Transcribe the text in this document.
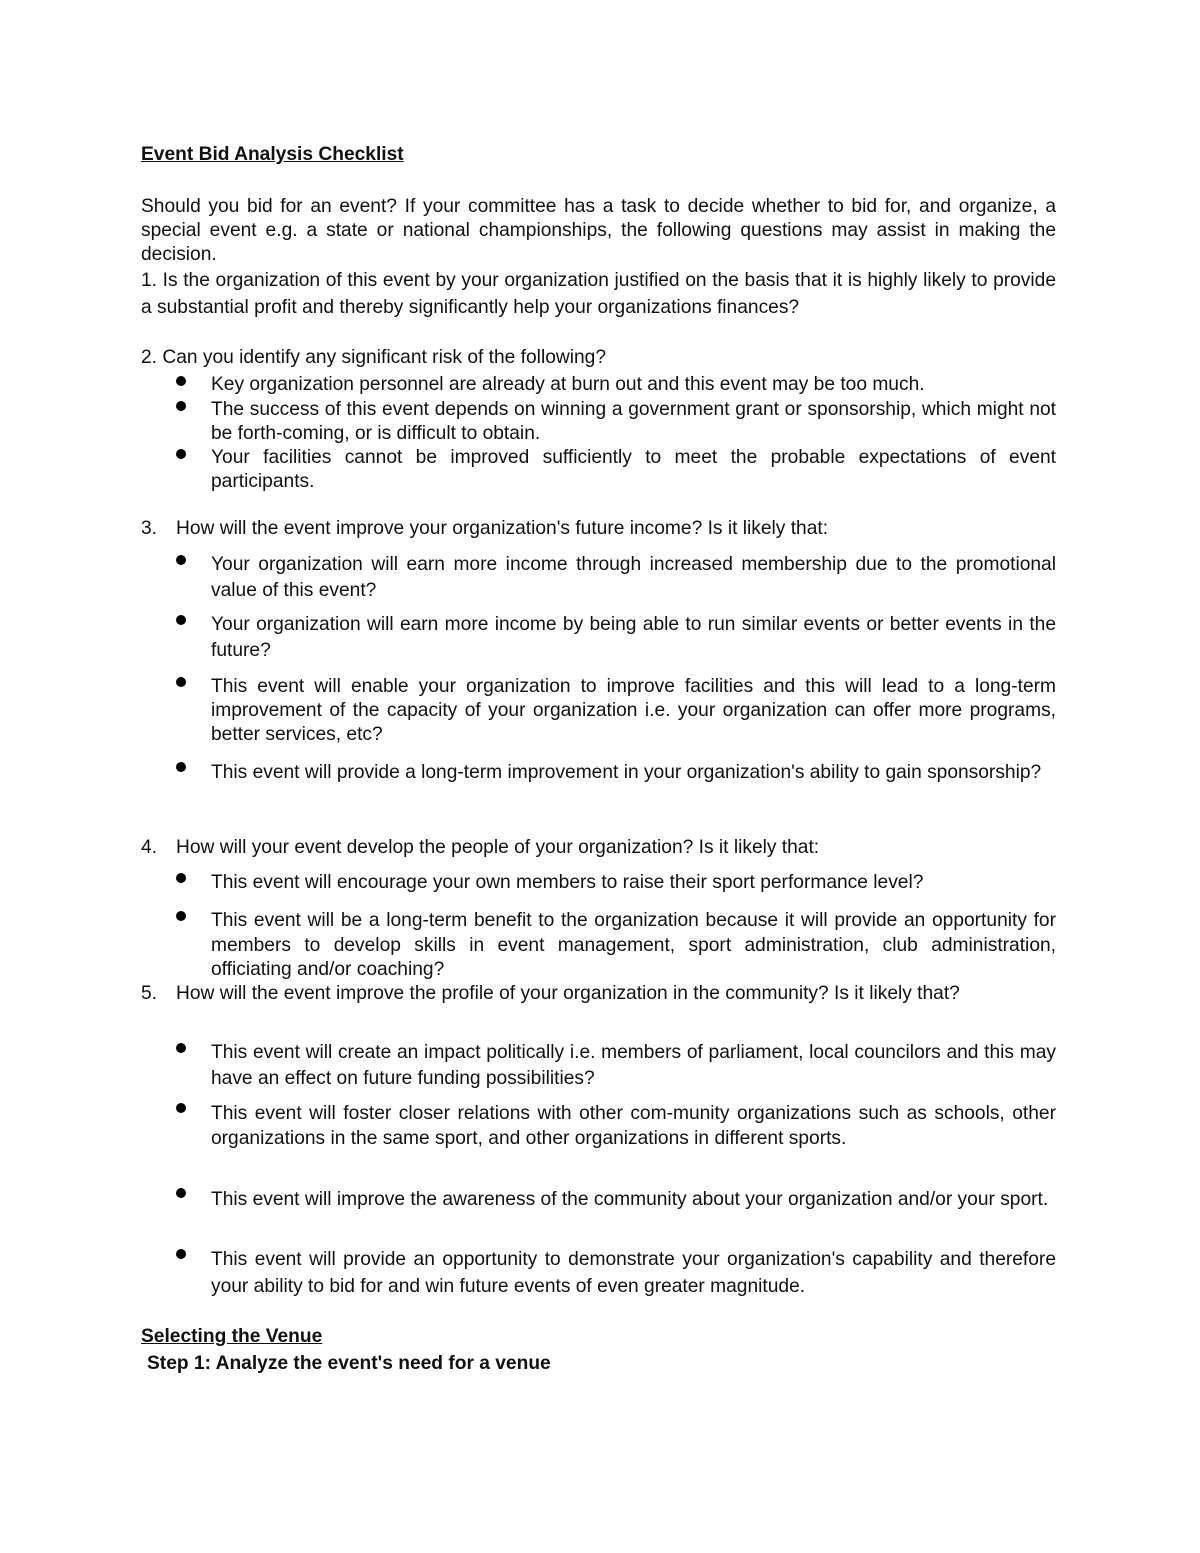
Event Bid Analysis Checklist

Should you bid for an event? If your committee has a task to decide whether to bid for, and organize, a special event e.g. a state or national championships, the following questions may assist in making the decision.

1. Is the organization of this event by your organization justified on the basis that it is highly likely to provide a substantial profit and thereby significantly help your organizations finances?

2. Can you identify any significant risk of the following?

Key organization personnel are already at burn out and this event may be too much.

The success of this event depends on winning a government grant or sponsorship, which might not be forth-coming, or is difficult to obtain.

Your facilities cannot be improved sufficiently to meet the probable expectations of event participants.

3. How will the event improve your organization's future income? Is it likely that:

Your organization will earn more income through increased membership due to the promotional value of this event?

Your organization will earn more income by being able to run similar events or better events in the future?

This event will enable your organization to improve facilities and this will lead to a long-term improvement of the capacity of your organization i.e. your organization can offer more programs, better services, etc?

This event will provide a long-term improvement in your organization's ability to gain sponsorship?

4. How will your event develop the people of your organization? Is it likely that:

This event will encourage your own members to raise their sport performance level?

This event will be a long-term benefit to the organization because it will provide an opportunity for members to develop skills in event management, sport administration, club administration, officiating and/or coaching?

5. How will the event improve the profile of your organization in the community? Is it likely that?

This event will create an impact politically i.e. members of parliament, local councilors and this may have an effect on future funding possibilities?

This event will foster closer relations with other com-munity organizations such as schools, other organizations in the same sport, and other organizations in different sports.

This event will improve the awareness of the community about your organization and/or your sport.

This event will provide an opportunity to demonstrate your organization's capability and therefore your ability to bid for and win future events of even greater magnitude.

Selecting the Venue

Step 1: Analyze the event's need for a venue
